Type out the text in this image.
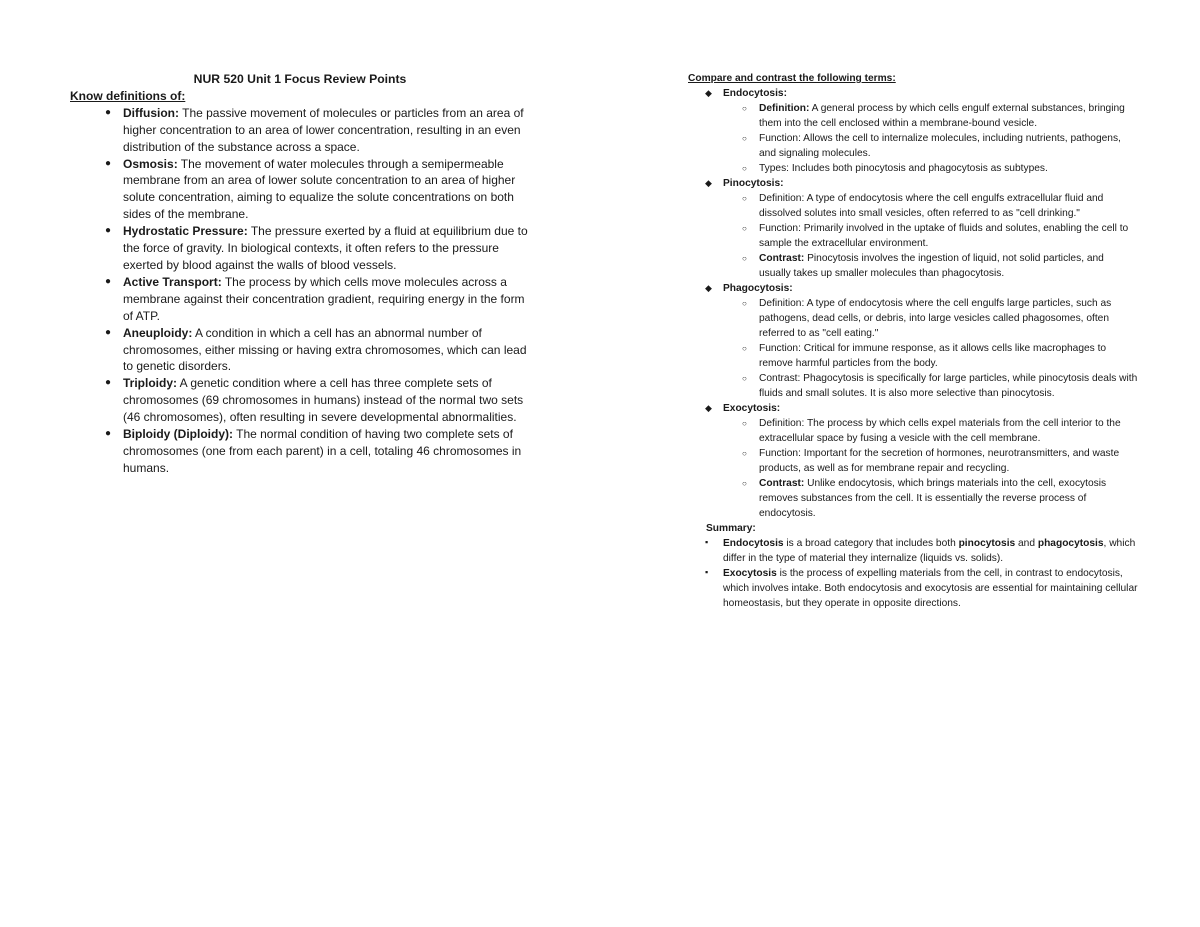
NUR 520 Unit 1 Focus Review Points

Know definitions of:

● Diffusion: The passive movement of molecules or particles from an area of higher concentration to an area of lower concentration, resulting in an even distribution of the substance across a space.
● Osmosis: The movement of water molecules through a semipermeable membrane from an area of lower solute concentration to an area of higher solute concentration, aiming to equalize the solute concentrations on both sides of the membrane.
● Hydrostatic Pressure: The pressure exerted by a fluid at equilibrium due to the force of gravity. In biological contexts, it often refers to the pressure exerted by blood against the walls of blood vessels.
● Active Transport: The process by which cells move molecules across a membrane against their concentration gradient, requiring energy in the form of ATP.
● Aneuploidy: A condition in which a cell has an abnormal number of chromosomes, either missing or having extra chromosomes, which can lead to genetic disorders.
● Triploidy: A genetic condition where a cell has three complete sets of chromosomes (69 chromosomes in humans) instead of the normal two sets (46 chromosomes), often resulting in severe developmental abnormalities.
● Biploidy (Diploidy): The normal condition of having two complete sets of chromosomes (one from each parent) in a cell, totaling 46 chromosomes in humans.

Compare and contrast the following terms:

◆ Endocytosis:
○ Definition: A general process by which cells engulf external substances, bringing them into the cell enclosed within a membrane-bound vesicle.
○ Function: Allows the cell to internalize molecules, including nutrients, pathogens, and signaling molecules.
○ Types: Includes both pinocytosis and phagocytosis as subtypes.
◆ Pinocytosis:
○ Definition: A type of endocytosis where the cell engulfs extracellular fluid and dissolved solutes into small vesicles, often referred to as "cell drinking."
○ Function: Primarily involved in the uptake of fluids and solutes, enabling the cell to sample the extracellular environment.
○ Contrast: Pinocytosis involves the ingestion of liquid, not solid particles, and usually takes up smaller molecules than phagocytosis.
◆ Phagocytosis:
○ Definition: A type of endocytosis where the cell engulfs large particles, such as pathogens, dead cells, or debris, into large vesicles called phagosomes, often referred to as "cell eating."
○ Function: Critical for immune response, as it allows cells like macrophages to remove harmful particles from the body.
○ Contrast: Phagocytosis is specifically for large particles, while pinocytosis deals with fluids and small solutes. It is also more selective than pinocytosis.
◆ Exocytosis:
○ Definition: The process by which cells expel materials from the cell interior to the extracellular space by fusing a vesicle with the cell membrane.
○ Function: Important for the secretion of hormones, neurotransmitters, and waste products, as well as for membrane repair and recycling.
○ Contrast: Unlike endocytosis, which brings materials into the cell, exocytosis removes substances from the cell. It is essentially the reverse process of endocytosis.

Summary:

▪ Endocytosis is a broad category that includes both pinocytosis and phagocytosis, which differ in the type of material they internalize (liquids vs. solids).
▪ Exocytosis is the process of expelling materials from the cell, in contrast to endocytosis, which involves intake. Both endocytosis and exocytosis are essential for maintaining cellular homeostasis, but they operate in opposite directions.
